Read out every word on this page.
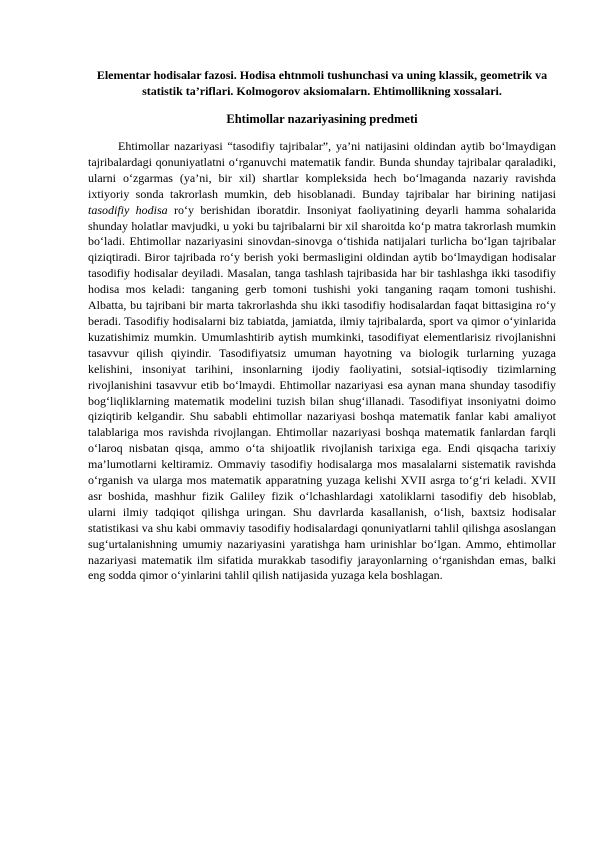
Elementar hodisalar fazosi. Hodisa ehtnmoli tushunchasi va uning klassik, geometrik va statistik ta’riflari. Kolmogorov aksiomalarn. Ehtimollikning xossalari.
Ehtimollar nazariyasining predmeti

Ehtimollar nazariyasi “tasodifiy tajribalar”, ya’ni natijasini oldindan aytib bo‘lmaydigan tajribalardagi qonuniyatlatni o‘rganuvchi matematik fandir. Bunda shunday tajribalar qaraladiki, ularni o‘zgarmas (ya’ni, bir xil) shartlar kompleksida hech bo‘lmaganda nazariy ravishda ixtiyoriy sonda takrorlash mumkin, deb hisoblanadi. Bunday tajribalar har birining natijasi tasodifiy hodisa ro‘y berishidan iboratdir. Insoniyat faoliyatining deyarli hamma sohalarida shunday holatlar mavjudki, u yoki bu tajribalarni bir xil sharoitda ko‘p matra takrorlash mumkin bo‘ladi. Ehtimollar nazariyasini sinovdan-sinovga o‘tishida natijalari turlicha bo‘lgan tajribalar qiziqtiradi. Biror tajribada ro‘y berish yoki bermasligini oldindan aytib bo‘lmaydigan hodisalar tasodifiy hodisalar deyiladi. Masalan, tanga tashlash tajribasida har bir tashlashga ikki tasodifiy hodisa mos keladi: tanganing gerb tomoni tushishi yoki tanganing raqam tomoni tushishi. Albatta, bu tajribani bir marta takrorlashda shu ikki tasodifiy hodisalardan faqat bittasigina ro‘y beradi. Tasodifiy hodisalarni biz tabiatda, jamiatda, ilmiy tajribalarda, sport va qimor o‘yinlarida kuzatishimiz mumkin. Umumlashtirib aytish mumkinki, tasodifiyat elementlarisiz rivojlanishni tasavvur qilish qiyindir. Tasodifiyatsiz umuman hayotning va biologik turlarning yuzaga kelishini, insoniyat tarihini, insonlarning ijodiy faoliyatini, sotsial-iqtisodiy tizimlarning rivojlanishini tasavvur etib bo‘lmaydi. Ehtimollar nazariyasi esa aynan mana shunday tasodifiy bog‘liqliklarning matematik modelini tuzish bilan shug‘illanadi. Tasodifiyat insoniyatni doimo qiziqtirib kelgandir. Shu sababli ehtimollar nazariyasi boshqa matematik fanlar kabi amaliyot talablariga mos ravishda rivojlangan. Ehtimollar nazariyasi boshqa matematik fanlardan farqli o‘laroq nisbatan qisqa, ammo o‘ta shijoatlik rivojlanish tarixiga ega. Endi qisqacha tarixiy ma’lumotlarni keltiramiz. Ommaviy tasodifiy hodisalarga mos masalalarni sistematik ravishda o‘rganish va ularga mos matematik apparatning yuzaga kelishi XVII asrga to‘g‘ri keladi. XVII asr boshida, mashhur fizik Galiley fizik o‘lchashlardagi xatoliklarni tasodifiy deb hisoblab, ularni ilmiy tadqiqot qilishga uringan. Shu davrlarda kasallanish, o‘lish, baxtsiz hodisalar statistikasi va shu kabi ommaviy tasodifiy hodisalardagi qonuniyatlarni tahlil qilishga asoslangan sug‘urtalanishning umumiy nazariyasini yaratishga ham urinishlar bo‘lgan. Ammo, ehtimollar nazariyasi matematik ilm sifatida murakkab tasodifiy jarayonlarning o‘rganishdan emas, balki eng sodda qimor o‘yinlarini tahlil qilish natijasida yuzaga kela boshlagan.
